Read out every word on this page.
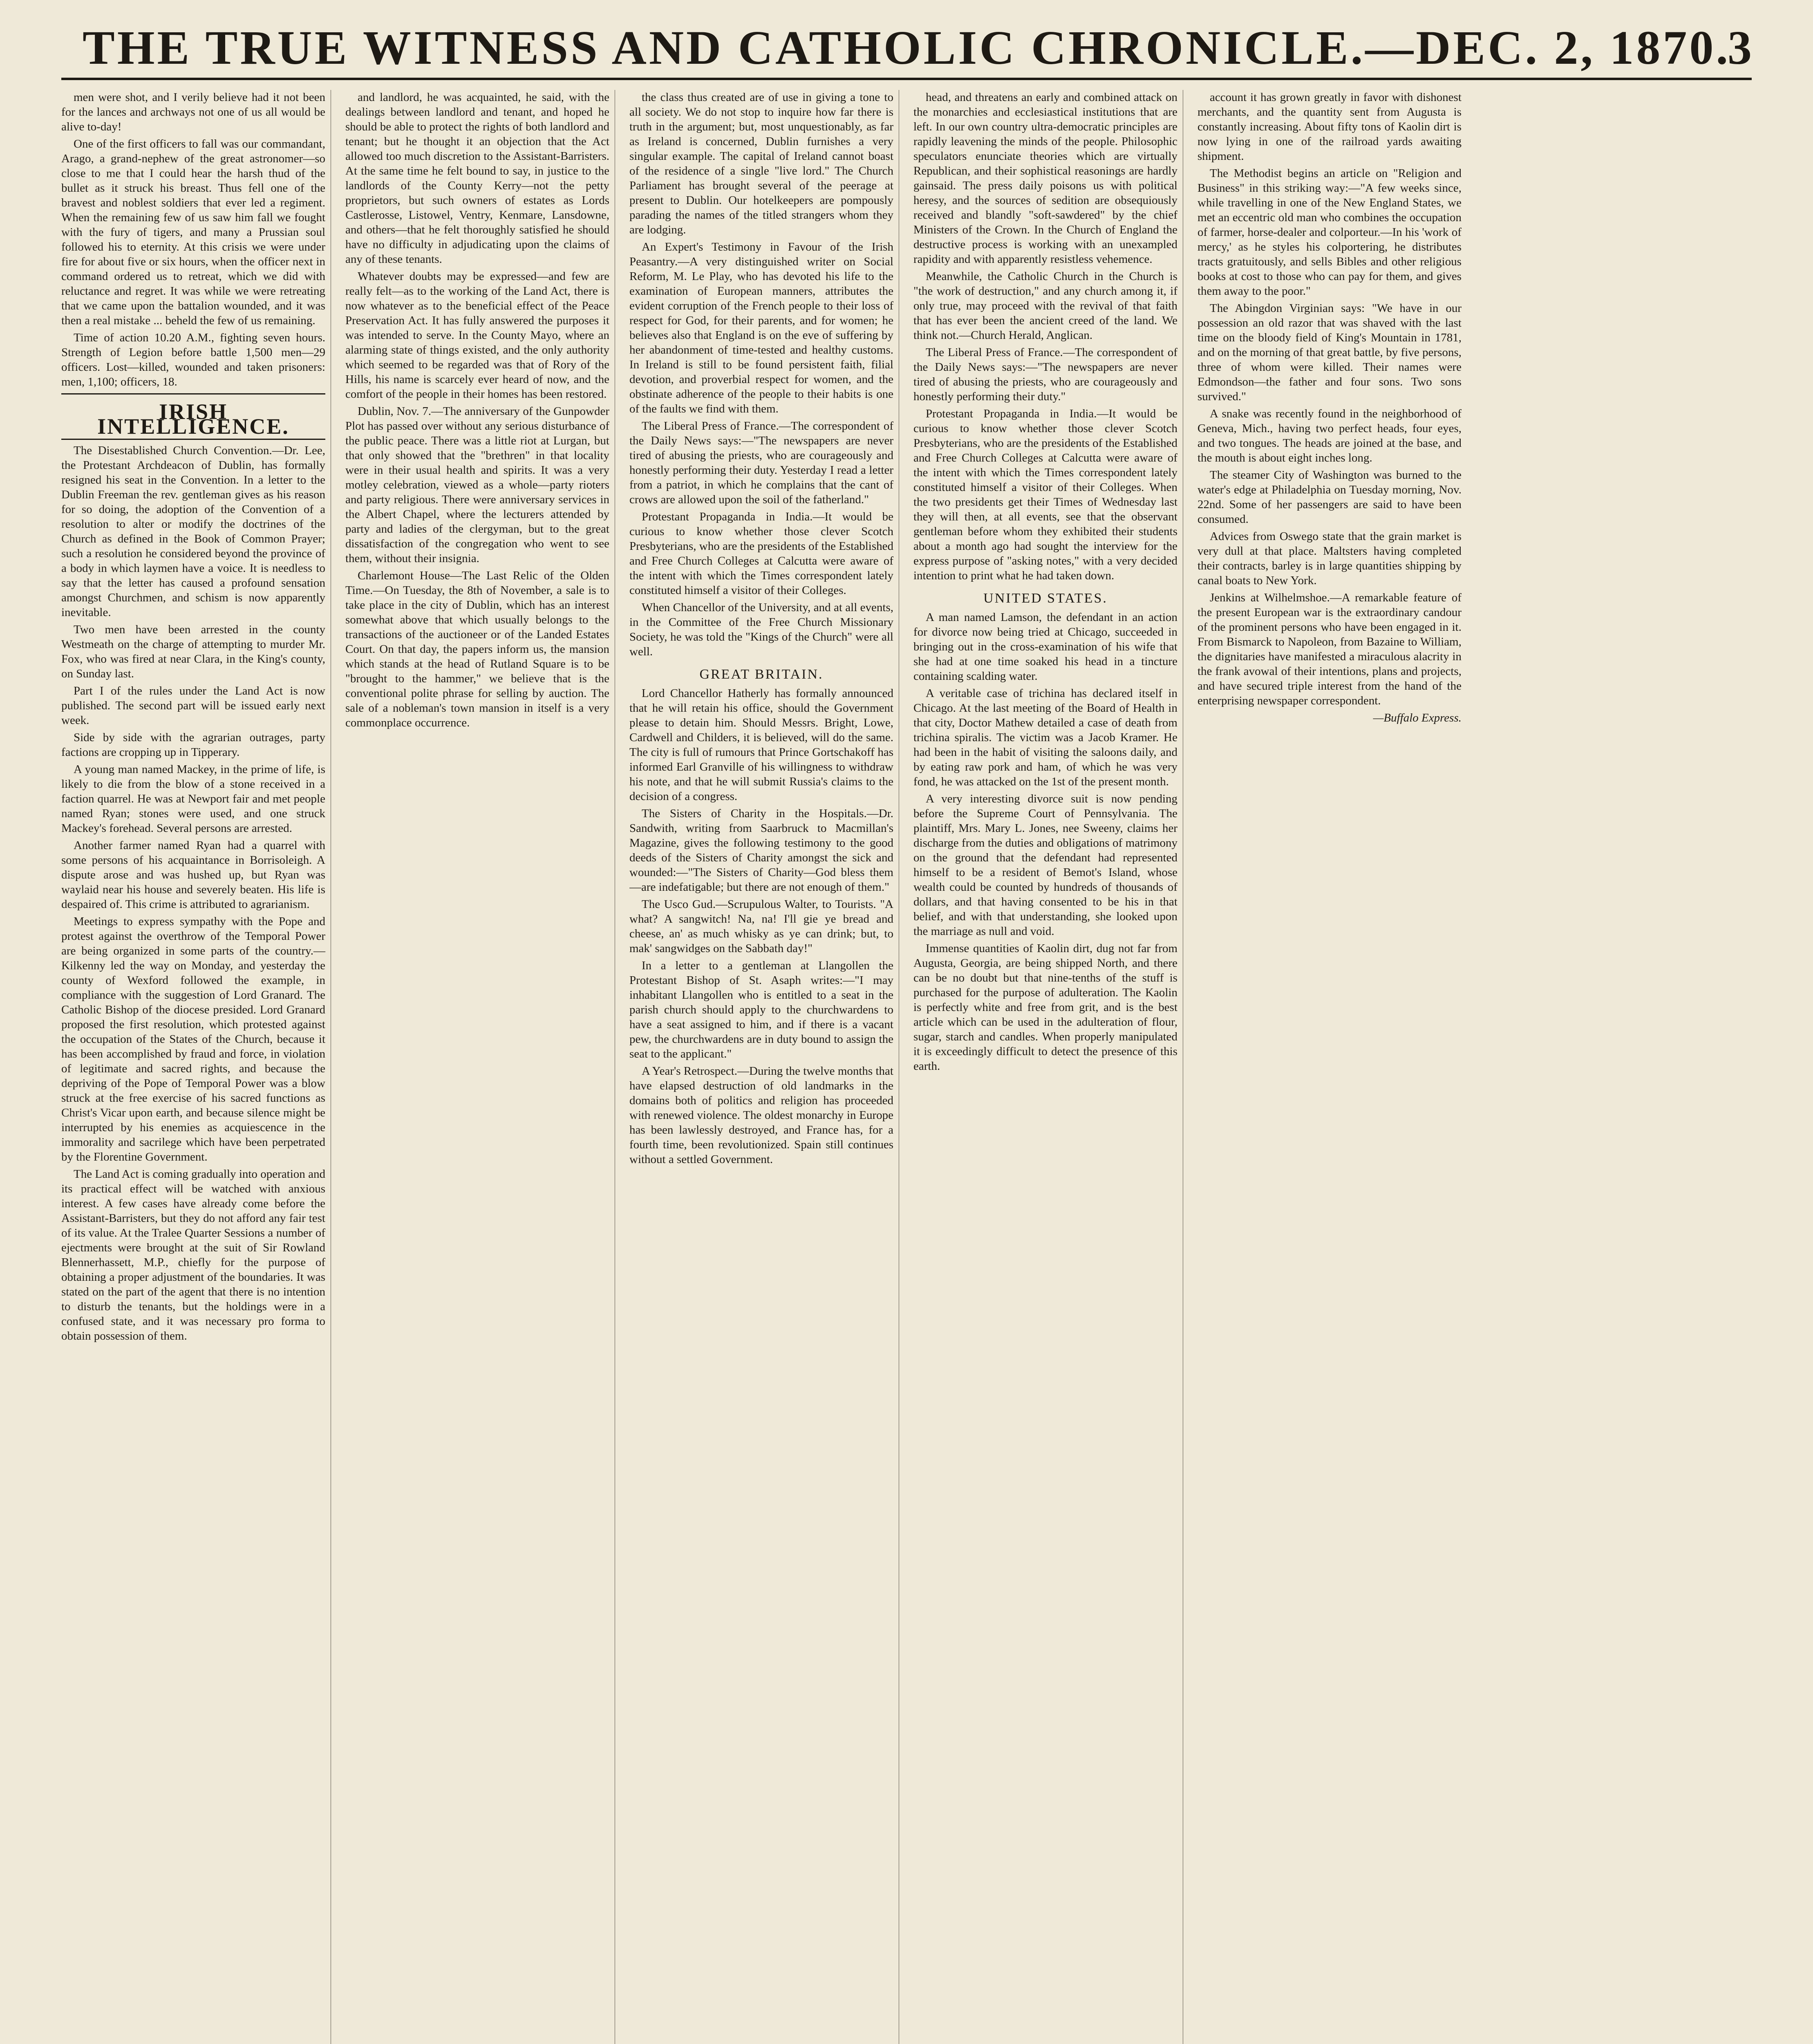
THE TRUE WITNESS AND CATHOLIC CHRONICLE.—DEC. 2, 1870.
3

men were shot, and I verily believe had it not been for the lances and archways not one of us all would be alive to-day!

One of the first officers to fall was our commandant, Arago, a grand-nephew of the great astronomer—so close to me that I could hear the harsh thud of the bullet as it struck his breast. Thus fell one of the bravest and noblest soldiers that ever led a regiment. When the remaining few of us saw him fall we fought with the fury of tigers, and many a Prussian soul followed his to eternity. At this crisis we were under fire for about five or six hours, when the officer next in command ordered us to retreat, which we did with reluctance and regret. It was while we were retreating that we came upon the battalion wounded, and it was then a real mistake ... beheld the few of us remaining.

Time of action 10.20 A.M., fighting seven hours. Strength of Legion before battle 1,500 men—29 officers. Lost—killed, wounded and taken prisoners: men, 1,100; officers, 18.

IRISH INTELLIGENCE.

The Disestablished Church Convention.—Dr. Lee, the Protestant Archdeacon of Dublin, has formally resigned his seat in the Convention. In a letter to the Dublin Freeman the rev. gentleman gives as his reason for so doing, the adoption of the Convention of a resolution to alter or modify the doctrines of the Church as defined in the Book of Common Prayer; such a resolution he considered beyond the province of a body in which laymen have a voice. It is needless to say that the letter has caused a profound sensation amongst Churchmen, and schism is now apparently inevitable.

Two men have been arrested in the county Westmeath on the charge of attempting to murder Mr. Fox, who was fired at near Clara, in the King's county, on Sunday last.

Part I of the rules under the Land Act is now published. The second part will be issued early next week.

Side by side with the agrarian outrages, party factions are cropping up in Tipperary.

A young man named Mackey, in the prime of life, is likely to die from the blow of a stone received in a faction quarrel. He was at Newport fair and met people named Ryan; stones were used, and one struck Mackey's forehead. Several persons are arrested.

Another farmer named Ryan had a quarrel with some persons of his acquaintance in Borrisoleigh. A dispute arose and was hushed up, but Ryan was waylaid near his house and severely beaten. His life is despaired of. This crime is attributed to agrarianism.

Meetings to express sympathy with the Pope and protest against the overthrow of the Temporal Power are being organized in some parts of the country.—Kilkenny led the way on Monday, and yesterday the county of Wexford followed the example, in compliance with the suggestion of Lord Granard. The Catholic Bishop of the diocese presided. Lord Granard proposed the first resolution, which protested against the occupation of the States of the Church, because it has been accomplished by fraud and force, in violation of legitimate and sacred rights, and because the depriving of the Pope of Temporal Power was a blow struck at the free exercise of his sacred functions as Christ's Vicar upon earth, and because silence might be interrupted by his enemies as acquiescence in the immorality and sacrilege which have been perpetrated by the Florentine Government.

The Land Act is coming gradually into operation and its practical effect will be watched with anxious interest. A few cases have already come before the Assistant-Barristers, but they do not afford any fair test of its value. At the Tralee Quarter Sessions a number of ejectments were brought at the suit of Sir Rowland Blennerhassett, M.P., chiefly for the purpose of obtaining a proper adjustment of the boundaries. It was stated on the part of the agent that there is no intention to disturb the tenants, but the holdings were in a confused state, and it was necessary pro forma to obtain possession of them.

and landlord, he was acquainted, he said, with the dealings between landlord and tenant, and hoped he should be able to protect the rights of both landlord and tenant; but he thought it an objection that the Act allowed too much discretion to the Assistant-Barristers. At the same time he felt bound to say, in justice to the landlords of the County Kerry—not the petty proprietors, but such owners of estates as Lords Castlerosse, Listowel, Ventry, Kenmare, Lansdowne, and others—that he felt thoroughly satisfied he should have no difficulty in adjudicating upon the claims of any of these tenants.

Whatever doubts may be expressed—and few are really felt—as to the working of the Land Act, there is now whatever as to the beneficial effect of the Peace Preservation Act. It has fully answered the purposes it was intended to serve. In the County Mayo, where an alarming state of things existed, and the only authority which seemed to be regarded was that of Rory of the Hills, his name is scarcely ever heard of now, and the comfort of the people in their homes has been restored.

Dublin, Nov. 7.—The anniversary of the Gunpowder Plot has passed over without any serious disturbance of the public peace. There was a little riot at Lurgan, but that only showed that the "brethren" in that locality were in their usual health and spirits. It was a very motley celebration, viewed as a whole—party rioters and party religious. There were anniversary services in the Albert Chapel, where the lecturers attended by party and ladies of the clergyman, but to the great dissatisfaction of the congregation who went to see them, without their insignia.

Charlemont House—The Last Relic of the Olden Time.—On Tuesday, the 8th of November, a sale is to take place in the city of Dublin, which has an interest somewhat above that which usually belongs to the transactions of the auctioneer or of the Landed Estates Court. On that day, the papers inform us, the mansion which stands at the head of Rutland Square is to be "brought to the hammer," we believe that is the conventional polite phrase for selling by auction. The sale of a nobleman's town mansion in itself is a very commonplace occurrence.

the class thus created are of use in giving a tone to all society. We do not stop to inquire how far there is truth in the argument; but, most unquestionably, as far as Ireland is concerned, Dublin furnishes a very singular example. The capital of Ireland cannot boast of the residence of a single "live lord." The Church Parliament has brought several of the peerage at present to Dublin. Our hotelkeepers are pompously parading the names of the titled strangers whom they are lodging.

An Expert's Testimony in Favour of the Irish Peasantry.—A very distinguished writer on Social Reform, M. Le Play, who has devoted his life to the examination of European manners, attributes the evident corruption of the French people to their loss of respect for God, for their parents, and for women; he believes also that England is on the eve of suffering by her abandonment of time-tested and healthy customs. In Ireland is still to be found persistent faith, filial devotion, and proverbial respect for women, and the obstinate adherence of the people to their habits is one of the faults we find with them.

The Liberal Press of France.—The correspondent of the Daily News says:—"The newspapers are never tired of abusing the priests, who are courageously and honestly performing their duty. Yesterday I read a letter from a patriot, in which he complains that the cant of crows are allowed upon the soil of the fatherland."

Protestant Propaganda in India.—It would be curious to know whether those clever Scotch Presbyterians, who are the presidents of the Established and Free Church Colleges at Calcutta were aware of the intent with which the Times correspondent lately constituted himself a visitor of their Colleges.

When Chancellor of the University, and at all events, in the Committee of the Free Church Missionary Society, he was told the "Kings of the Church" were all well.

GREAT BRITAIN.

Lord Chancellor Hatherly has formally announced that he will retain his office, should the Government please to detain him. Should Messrs. Bright, Lowe, Cardwell and Childers, it is believed, will do the same. The city is full of rumours that Prince Gortschakoff has informed Earl Granville of his willingness to withdraw his note, and that he will submit Russia's claims to the decision of a congress.

The Sisters of Charity in the Hospitals.—Dr. Sandwith, writing from Saarbruck to Macmillan's Magazine, gives the following testimony to the good deeds of the Sisters of Charity amongst the sick and wounded:—"The Sisters of Charity—God bless them—are indefatigable; but there are not enough of them."

The Usco Gud.—Scrupulous Walter, to Tourists. "A what? A sangwitch! Na, na! I'll gie ye bread and cheese, an' as much whisky as ye can drink; but, to mak' sangwidges on the Sabbath day!"

In a letter to a gentleman at Llangollen the Protestant Bishop of St. Asaph writes:—"I may inhabitant Llangollen who is entitled to a seat in the parish church should apply to the churchwardens to have a seat assigned to him, and if there is a vacant pew, the churchwardens are in duty bound to assign the seat to the applicant."

A Year's Retrospect.—During the twelve months that have elapsed destruction of old landmarks in the domains both of politics and religion has proceeded with renewed violence. The oldest monarchy in Europe has been lawlessly destroyed, and France has, for a fourth time, been revolutionized. Spain still continues without a settled Government.

head, and threatens an early and combined attack on the monarchies and ecclesiastical institutions that are left. In our own country ultra-democratic principles are rapidly leavening the minds of the people. Philosophic speculators enunciate theories which are virtually Republican, and their sophistical reasonings are hardly gainsaid. The press daily poisons us with political heresy, and the sources of sedition are obsequiously received and blandly "soft-sawdered" by the chief Ministers of the Crown. In the Church of England the destructive process is working with an unexampled rapidity and with apparently resistless vehemence.

Meanwhile, the Catholic Church in the Church is "the work of destruction," and any church among it, if only true, may proceed with the revival of that faith that has ever been the ancient creed of the land. We think not.—Church Herald, Anglican.

The Liberal Press of France.—The correspondent of the Daily News says:—"The newspapers are never tired of abusing the priests, who are courageously and honestly performing their duty."

Protestant Propaganda in India.—It would be curious to know whether those clever Scotch Presbyterians, who are the presidents of the Established and Free Church Colleges at Calcutta were aware of the intent with which the Times correspondent lately constituted himself a visitor of their Colleges. When the two presidents get their Times of Wednesday last they will then, at all events, see that the observant gentleman before whom they exhibited their students about a month ago had sought the interview for the express purpose of "asking notes," with a very decided intention to print what he had taken down.

UNITED STATES.

A man named Lamson, the defendant in an action for divorce now being tried at Chicago, succeeded in bringing out in the cross-examination of his wife that she had at one time soaked his head in a tincture containing scalding water.

A veritable case of trichina has declared itself in Chicago. At the last meeting of the Board of Health in that city, Doctor Mathew detailed a case of death from trichina spiralis. The victim was a Jacob Kramer. He had been in the habit of visiting the saloons daily, and by eating raw pork and ham, of which he was very fond, he was attacked on the 1st of the present month.

A very interesting divorce suit is now pending before the Supreme Court of Pennsylvania. The plaintiff, Mrs. Mary L. Jones, nee Sweeny, claims her discharge from the duties and obligations of matrimony on the ground that the defendant had represented himself to be a resident of Bemot's Island, whose wealth could be counted by hundreds of thousands of dollars, and that having consented to be his in that belief, and with that understanding, she looked upon the marriage as null and void.

Immense quantities of Kaolin dirt, dug not far from Augusta, Georgia, are being shipped North, and there can be no doubt but that nine-tenths of the stuff is purchased for the purpose of adulteration. The Kaolin is perfectly white and free from grit, and is the best article which can be used in the adulteration of flour, sugar, starch and candles. When properly manipulated it is exceedingly difficult to detect the presence of this earth.

account it has grown greatly in favor with dishonest merchants, and the quantity sent from Augusta is constantly increasing. About fifty tons of Kaolin dirt is now lying in one of the railroad yards awaiting shipment.

The Methodist begins an article on "Religion and Business" in this striking way:—"A few weeks since, while travelling in one of the New England States, we met an eccentric old man who combines the occupation of farmer, horse-dealer and colporteur.—In his 'work of mercy,' as he styles his colportering, he distributes tracts gratuitously, and sells Bibles and other religious books at cost to those who can pay for them, and gives them away to the poor."

The Abingdon Virginian says: "We have in our possession an old razor that was shaved with the last time on the bloody field of King's Mountain in 1781, and on the morning of that great battle, by five persons, three of whom were killed. Their names were Edmondson—the father and four sons. Two sons survived."

A snake was recently found in the neighborhood of Geneva, Mich., having two perfect heads, four eyes, and two tongues. The heads are joined at the base, and the mouth is about eight inches long.

The steamer City of Washington was burned to the water's edge at Philadelphia on Tuesday morning, Nov. 22nd. Some of her passengers are said to have been consumed.

Advices from Oswego state that the grain market is very dull at that place. Maltsters having completed their contracts, barley is in large quantities shipping by canal boats to New York.

Jenkins at Wilhelmshoe.—A remarkable feature of the present European war is the extraordinary candour of the prominent persons who have been engaged in it. From Bismarck to Napoleon, from Bazaine to William, the dignitaries have manifested a miraculous alacrity in the frank avowal of their intentions, plans and projects, and have secured triple interest from the hand of the enterprising newspaper correspondent.

—Buffalo Express.
